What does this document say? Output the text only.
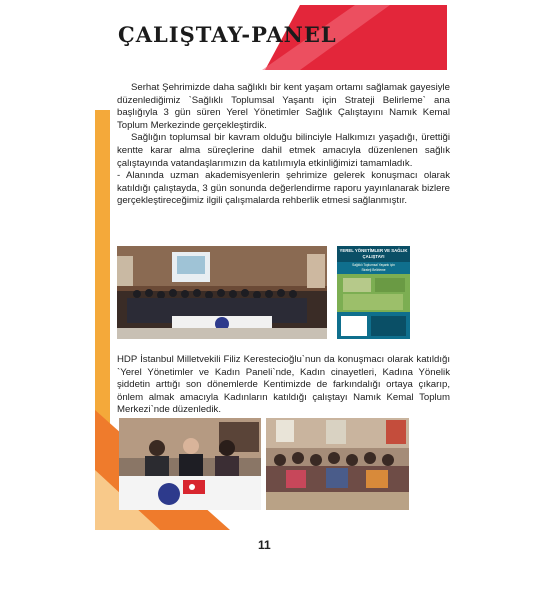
ÇALIŞTAY-PANEL

Serhat Şehrimizde daha sağlıklı bir kent yaşam ortamı sağlamak gayesiyle düzenlediğimiz `Sağlıklı Toplumsal Yaşantı için Strateji Belirleme` ana başlığıyla 3 gün süren Yerel Yönetimler Sağlık Çalıştayını Namık Kemal Toplum Merkezinde gerçekleştirdik.

Sağlığın toplumsal bir kavram olduğu bilinciyle Halkımızı yaşadığı, ürettiği kentte karar alma süreçlerine dahil etmek amacıyla düzenlenen sağlık çalıştayında vatandaşlarımızın da katılımıyla etkinliğimizi tamamladık.

- Alanında uzman akademisyenlerin şehrimize gelerek konuşmacı olarak katıldığı çalıştayda, 3 gün sonunda değerlendirme raporu yayınlanarak bizlere gerçekleştireceğimiz ilgili çalışmalarda rehberlik etmesi sağlanmıştır.

YEREL YÖNETİMLER VE SAĞLIK
ÇALIŞTAYI
Sağlıklı Toplumsal Yaşantı için
Strateji Belirleme

HDP İstanbul Milletvekili Filiz Kerestecioğlu`nun da konuşmacı olarak katıldığı `Yerel Yönetimler ve Kadın Paneli`nde, Kadın cinayetleri, Kadına Yönelik şiddetin arttığı son dönemlerde Kentimizde de farkındalığı ortaya çıkarıp, önlem almak amacıyla Kadınların katıldığı çalıştayı Namık Kemal Toplum Merkezi`nde düzenledik.

11
